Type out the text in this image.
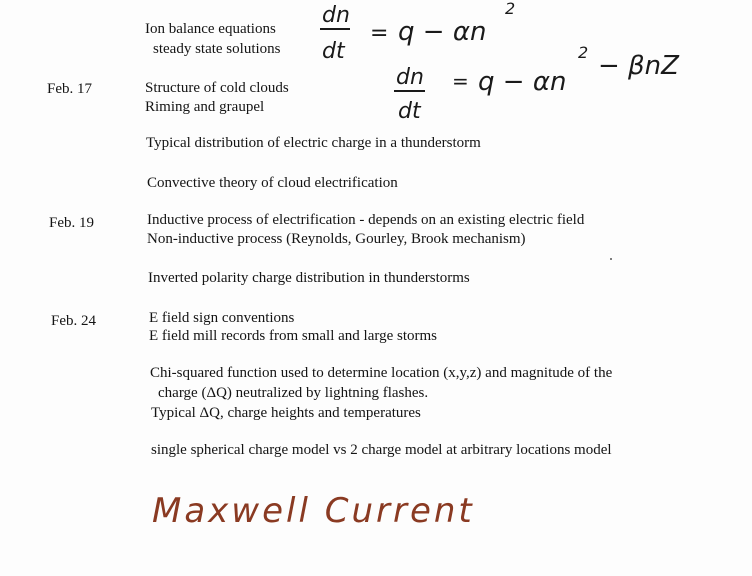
Ion balance equations
steady state solutions
Feb. 17	Structure of cold clouds
Riming and graupel
Typical distribution of electric charge in a thunderstorm
Convective theory of cloud electrification
Feb. 19	Inductive process of electrification - depends on an existing electric field
Non-inductive process (Reynolds, Gourley, Brook mechanism)
Inverted polarity charge distribution in thunderstorms
Feb. 24	E field sign conventions
E field mill records from small and large storms
Chi-squared function used to determine location (x,y,z) and magnitude of the
charge (ΔQ) neutralized by lightning flashes.
Typical ΔQ, charge heights and temperatures
single spherical charge model vs 2 charge model at arbitrary locations model
dn
dt
= q − αn
2
dn
dt
= q − αn
2 − βnZ
Maxwell Current
